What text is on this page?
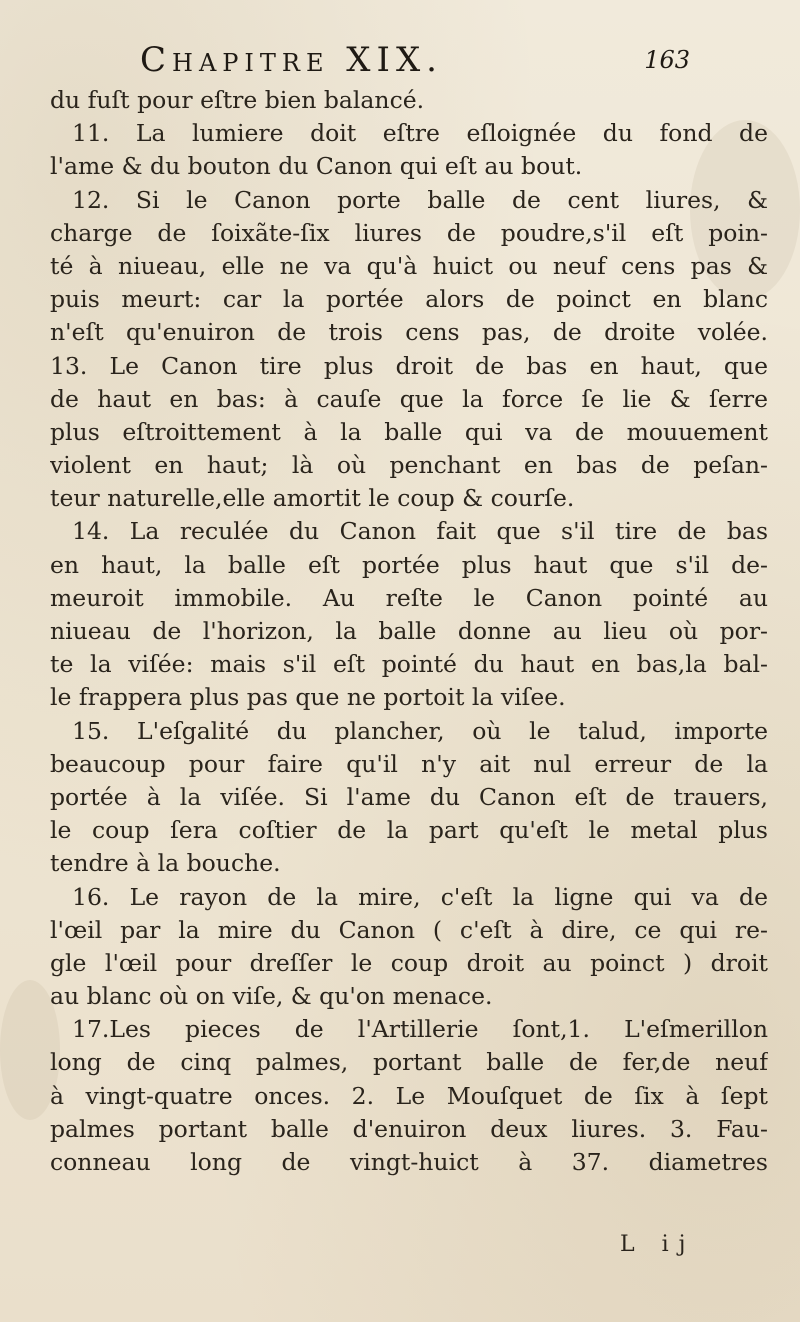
Chapitre XIX.	163
du fuſt pour eſtre bien balancé.
11. La lumiere doit eſtre eſloignée du fond de
l'ame & du bouton du Canon qui eſt au bout.
12. Si le Canon porte balle de cent liures, &
charge de ſoixãte-ſix liures de poudre,s'il eſt poin-
té à niueau, elle ne va qu'à huict ou neuf cens pas &
puis meurt: car la portée alors de poinct en blanc
n'eſt qu'enuiron de trois cens pas, de droite volée.
13. Le Canon tire plus droit de bas en haut, que
de haut en bas: à cauſe que la force ſe lie & ſerre
plus eſtroittement à la balle qui va de mouuement
violent en haut; là où penchant en bas de peſan-
teur naturelle,elle amortit le coup & courſe.
14. La reculée du Canon fait que s'il tire de bas
en haut, la balle eſt portée plus haut que s'il de-
meuroit immobile. Au reſte le Canon pointé au
niueau de l'horizon, la balle donne au lieu où por-
te la viſée: mais s'il eſt pointé du haut en bas,la bal-
le frappera plus pas que ne portoit la viſee.
15. L'eſgalité du plancher, où le talud, importe
beaucoup pour faire qu'il n'y ait nul erreur de la
portée à la viſée. Si l'ame du Canon eſt de trauers,
le coup ſera coſtier de la part qu'eſt le metal plus
tendre à la bouche.
16. Le rayon de la mire, c'eſt la ligne qui va de
l'œil par la mire du Canon ( c'eſt à dire, ce qui re-
gle l'œil pour dreſſer le coup droit au poinct ) droit
au blanc où on viſe, & qu'on menace.
17.Les pieces de l'Artillerie ſont,1. L'eſmerillon
long de cinq palmes, portant balle de fer,de neuf
à vingt-quatre onces. 2. Le Mouſquet de ſix à ſept
palmes portant balle d'enuiron deux liures. 3. Fau-
conneau long de vingt-huict à 37. diametres
L ij
